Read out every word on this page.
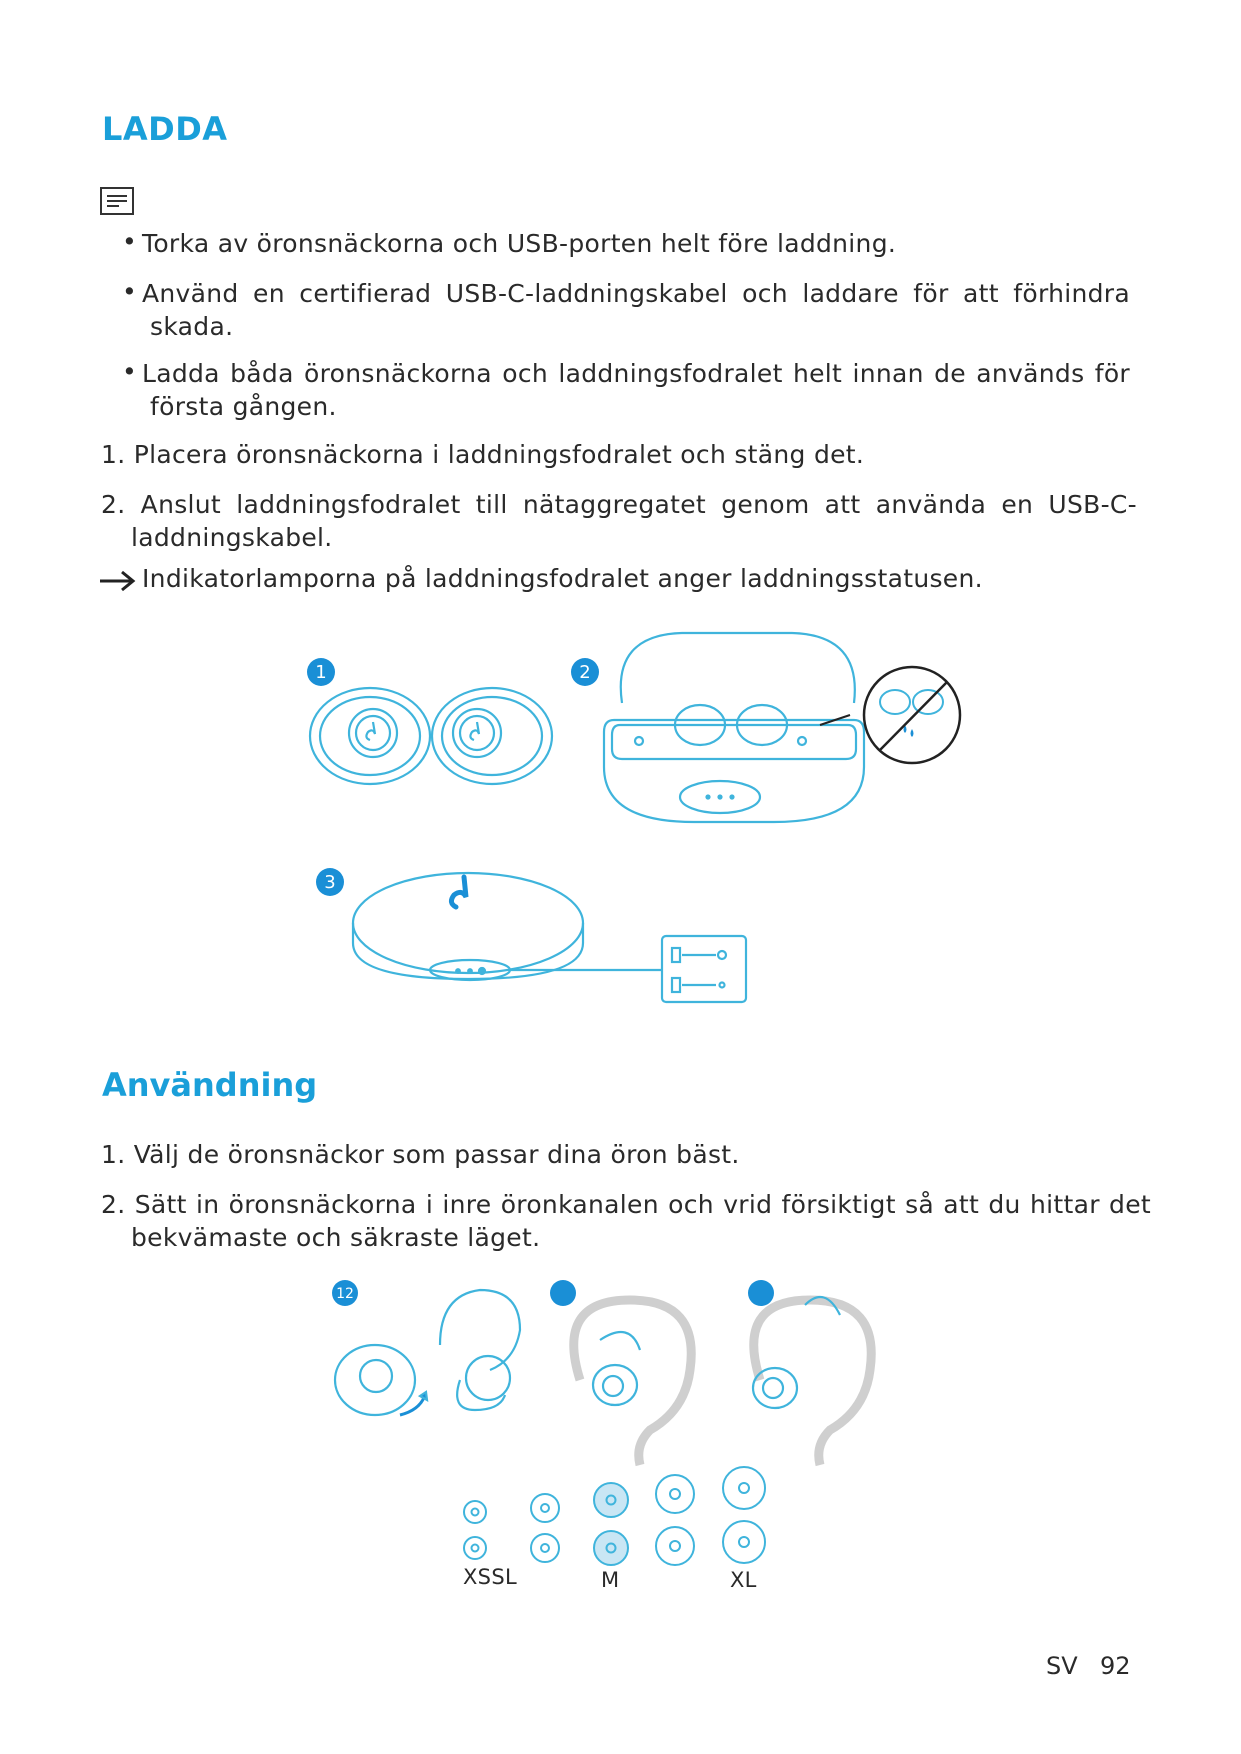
LADDA
• Torka av öronsnäckorna och USB-porten helt före laddning.
• Använd en certifierad USB-C-laddningskabel och laddare för att förhindra
skada.
• Ladda båda öronsnäckorna och laddningsfodralet helt innan de används för
första gången.
1. Placera öronsnäckorna i laddningsfodralet och stäng det.
2. Anslut laddningsfodralet till nätaggregatet genom att använda en USB-C-
laddningskabel.
Indikatorlamporna på laddningsfodralet anger laddningsstatusen.
1	2
3
Användning
1. Välj de öronsnäckor som passar dina öron bäst.
2. Sätt in öronsnäckorna i inre öronkanalen och vrid försiktigt så att du hittar det
bekvämaste och säkraste läget.
12
XSSL	M	XL
SV 92
